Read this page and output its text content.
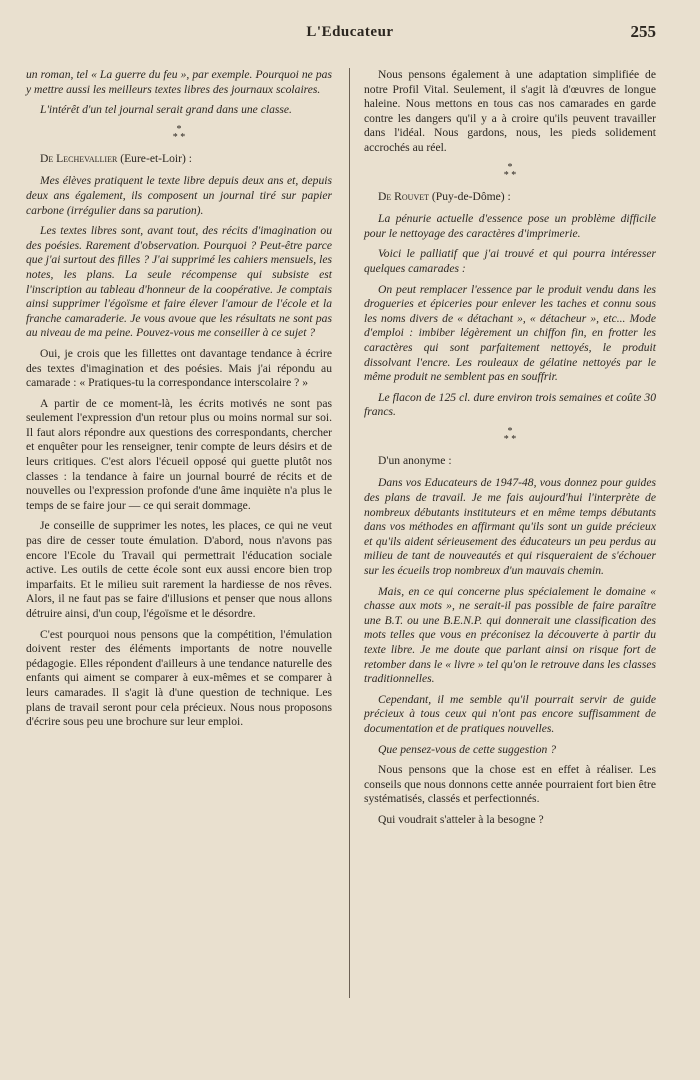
L'Educateur	255

un roman, tel « La guerre du feu », par exemple. Pourquoi ne pas y mettre aussi les meilleurs textes libres des journaux scolaires.

L'intérêt d'un tel journal serait grand dans une classe.

*
* *
De Lechevallier (Eure-et-Loir) :

Mes élèves pratiquent le texte libre depuis deux ans et, depuis deux ans également, ils composent un journal tiré sur papier carbone (irrégulier dans sa parution).

Les textes libres sont, avant tout, des récits d'imagination ou des poésies. Rarement d'observation. Pourquoi ? Peut-être parce que j'ai surtout des filles ? J'ai supprimé les cahiers mensuels, les notes, les plans. La seule récompense qui subsiste est l'inscription au tableau d'honneur de la coopérative. Je comptais ainsi supprimer l'égoïsme et faire élever l'amour de l'école et la franche camaraderie. Je vous avoue que les résultats ne sont pas au niveau de ma peine. Pouvez-vous me conseiller à ce sujet ?

Oui, je crois que les fillettes ont davantage tendance à écrire des textes d'imagination et des poésies. Mais j'ai répondu au camarade : « Pratiques-tu la correspondance interscolaire ? »

A partir de ce moment-là, les écrits motivés ne sont pas seulement l'expression d'un retour plus ou moins normal sur soi. Il faut alors répondre aux questions des correspondants, chercher et enquêter pour les renseigner, tenir compte de leurs désirs et de leurs critiques. C'est alors l'écueil opposé qui guette plutôt nos classes : la tendance à faire un journal bourré de récits et de nouvelles ou l'expression profonde d'une âme inquiète n'a plus le temps de se faire jour — ce qui serait dommage.

Je conseille de supprimer les notes, les places, ce qui ne veut pas dire de cesser toute émulation. D'abord, nous n'avons pas encore l'Ecole du Travail qui permettrait l'éducation sociale active. Les outils de cette école sont eux aussi encore bien trop imparfaits. Et le milieu suit rarement la hardiesse de nos rêves. Alors, il ne faut pas se faire d'illusions et penser que nous allons détruire ainsi, d'un coup, l'égoïsme et le désordre.

C'est pourquoi nous pensons que la compétition, l'émulation doivent rester des éléments importants de notre nouvelle pédagogie. Elles répondent d'ailleurs à une tendance naturelle des enfants qui aiment se comparer à eux-mêmes et se comparer à leurs camarades. Il s'agit là d'une question de technique. Les plans de travail seront pour cela précieux. Nous nous proposons d'écrire sous peu une brochure sur leur emploi.

Nous pensons également à une adaptation simplifiée de notre Profil Vital. Seulement, il s'agit là d'œuvres de longue haleine. Nous mettons en tous cas nos camarades en garde contre les dangers qu'il y a à croire qu'ils peuvent travailler dans l'idéal. Nous gardons, nous, les pieds solidement accrochés au réel.

*
* *
De Rouvet (Puy-de-Dôme) :

La pénurie actuelle d'essence pose un problème difficile pour le nettoyage des caractères d'imprimerie.

Voici le palliatif que j'ai trouvé et qui pourra intéresser quelques camarades :

On peut remplacer l'essence par le produit vendu dans les drogueries et épiceries pour enlever les taches et connu sous les noms divers de « détachant », « détacheur », etc... Mode d'emploi : imbiber légèrement un chiffon fin, en frotter les caractères qui sont parfaitement nettoyés, le produit dissolvant l'encre. Les rouleaux de gélatine nettoyés par le même produit ne semblent pas en souffrir.

Le flacon de 125 cl. dure environ trois semaines et coûte 30 francs.

*
* *
D'un anonyme :

Dans vos Educateurs de 1947-48, vous donnez pour guides des plans de travail. Je me fais aujourd'hui l'interprète de nombreux débutants instituteurs et en même temps débutants dans vos méthodes en affirmant qu'ils sont un guide précieux et qu'ils aident sérieusement des éducateurs un peu perdus au milieu de tant de nouveautés et qui risqueraient de s'échouer sur les écueils trop nombreux d'un mauvais chemin.

Mais, en ce qui concerne plus spécialement le domaine « chasse aux mots », ne serait-il pas possible de faire paraître une B.T. ou une B.E.N.P. qui donnerait une classification des mots telles que vous en préconisez la découverte à partir du texte libre. Je me doute que parlant ainsi on risque fort de retomber dans le « livre » tel qu'on le retrouve dans les classes traditionnelles.

Cependant, il me semble qu'il pourrait servir de guide précieux à tous ceux qui n'ont pas encore suffisamment de documentation et de pratiques nouvelles.

Que pensez-vous de cette suggestion ?

Nous pensons que la chose est en effet à réaliser. Les conseils que nous donnons cette année pourraient fort bien être systématisés, classés et perfectionnés.

Qui voudrait s'atteler à la besogne ?
